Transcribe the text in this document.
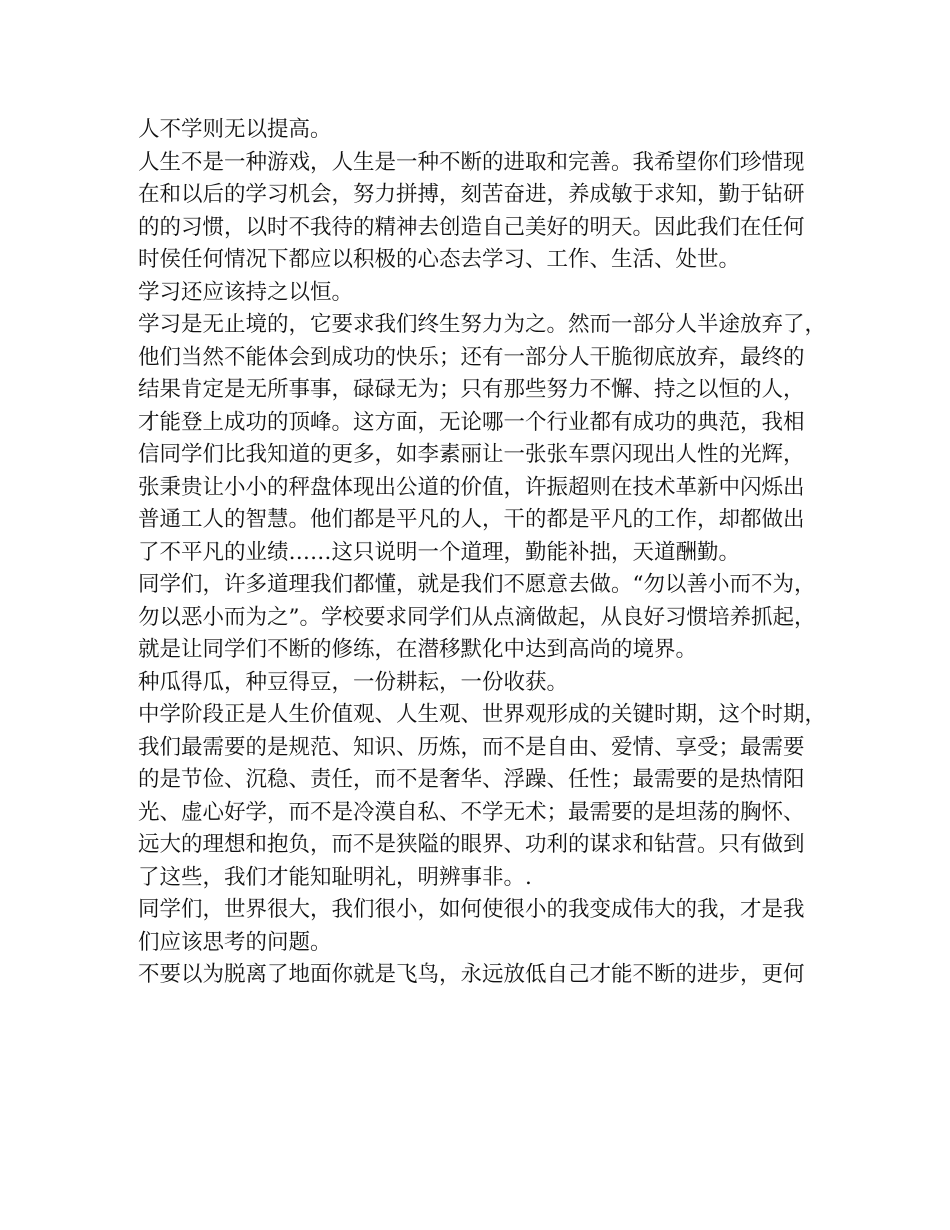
人不学则无以提高。
人生不是一种游戏，人生是一种不断的进取和完善。我希望你们珍惜现
在和以后的学习机会，努力拼搏，刻苦奋进，养成敏于求知，勤于钻研
的的习惯，以时不我待的精神去创造自己美好的明天。因此我们在任何
时侯任何情况下都应以积极的心态去学习、工作、生活、处世。
学习还应该持之以恒。
学习是无止境的，它要求我们终生努力为之。然而一部分人半途放弃了，
他们当然不能体会到成功的快乐；还有一部分人干脆彻底放弃，最终的
结果肯定是无所事事，碌碌无为；只有那些努力不懈、持之以恒的人，
才能登上成功的顶峰。这方面，无论哪一个行业都有成功的典范，我相
信同学们比我知道的更多，如李素丽让一张张车票闪现出人性的光辉，
张秉贵让小小的秤盘体现出公道的价值，许振超则在技术革新中闪烁出
普通工人的智慧。他们都是平凡的人，干的都是平凡的工作，却都做出
了不平凡的业绩……这只说明一个道理，勤能补拙，天道酬勤。
同学们，许多道理我们都懂，就是我们不愿意去做。“勿以善小而不为，
勿以恶小而为之”。学校要求同学们从点滴做起，从良好习惯培养抓起，
就是让同学们不断的修练，在潜移默化中达到高尚的境界。
种瓜得瓜，种豆得豆，一份耕耘，一份收获。
中学阶段正是人生价值观、人生观、世界观形成的关键时期，这个时期，
我们最需要的是规范、知识、历炼，而不是自由、爱情、享受；最需要
的是节俭、沉稳、责任，而不是奢华、浮躁、任性；最需要的是热情阳
光、虚心好学，而不是冷漠自私、不学无术；最需要的是坦荡的胸怀、
远大的理想和抱负，而不是狭隘的眼界、功利的谋求和钻营。只有做到
了这些，我们才能知耻明礼，明辨事非。.
同学们，世界很大，我们很小，如何使很小的我变成伟大的我，才是我
们应该思考的问题。
不要以为脱离了地面你就是飞鸟，永远放低自己才能不断的进步，更何
